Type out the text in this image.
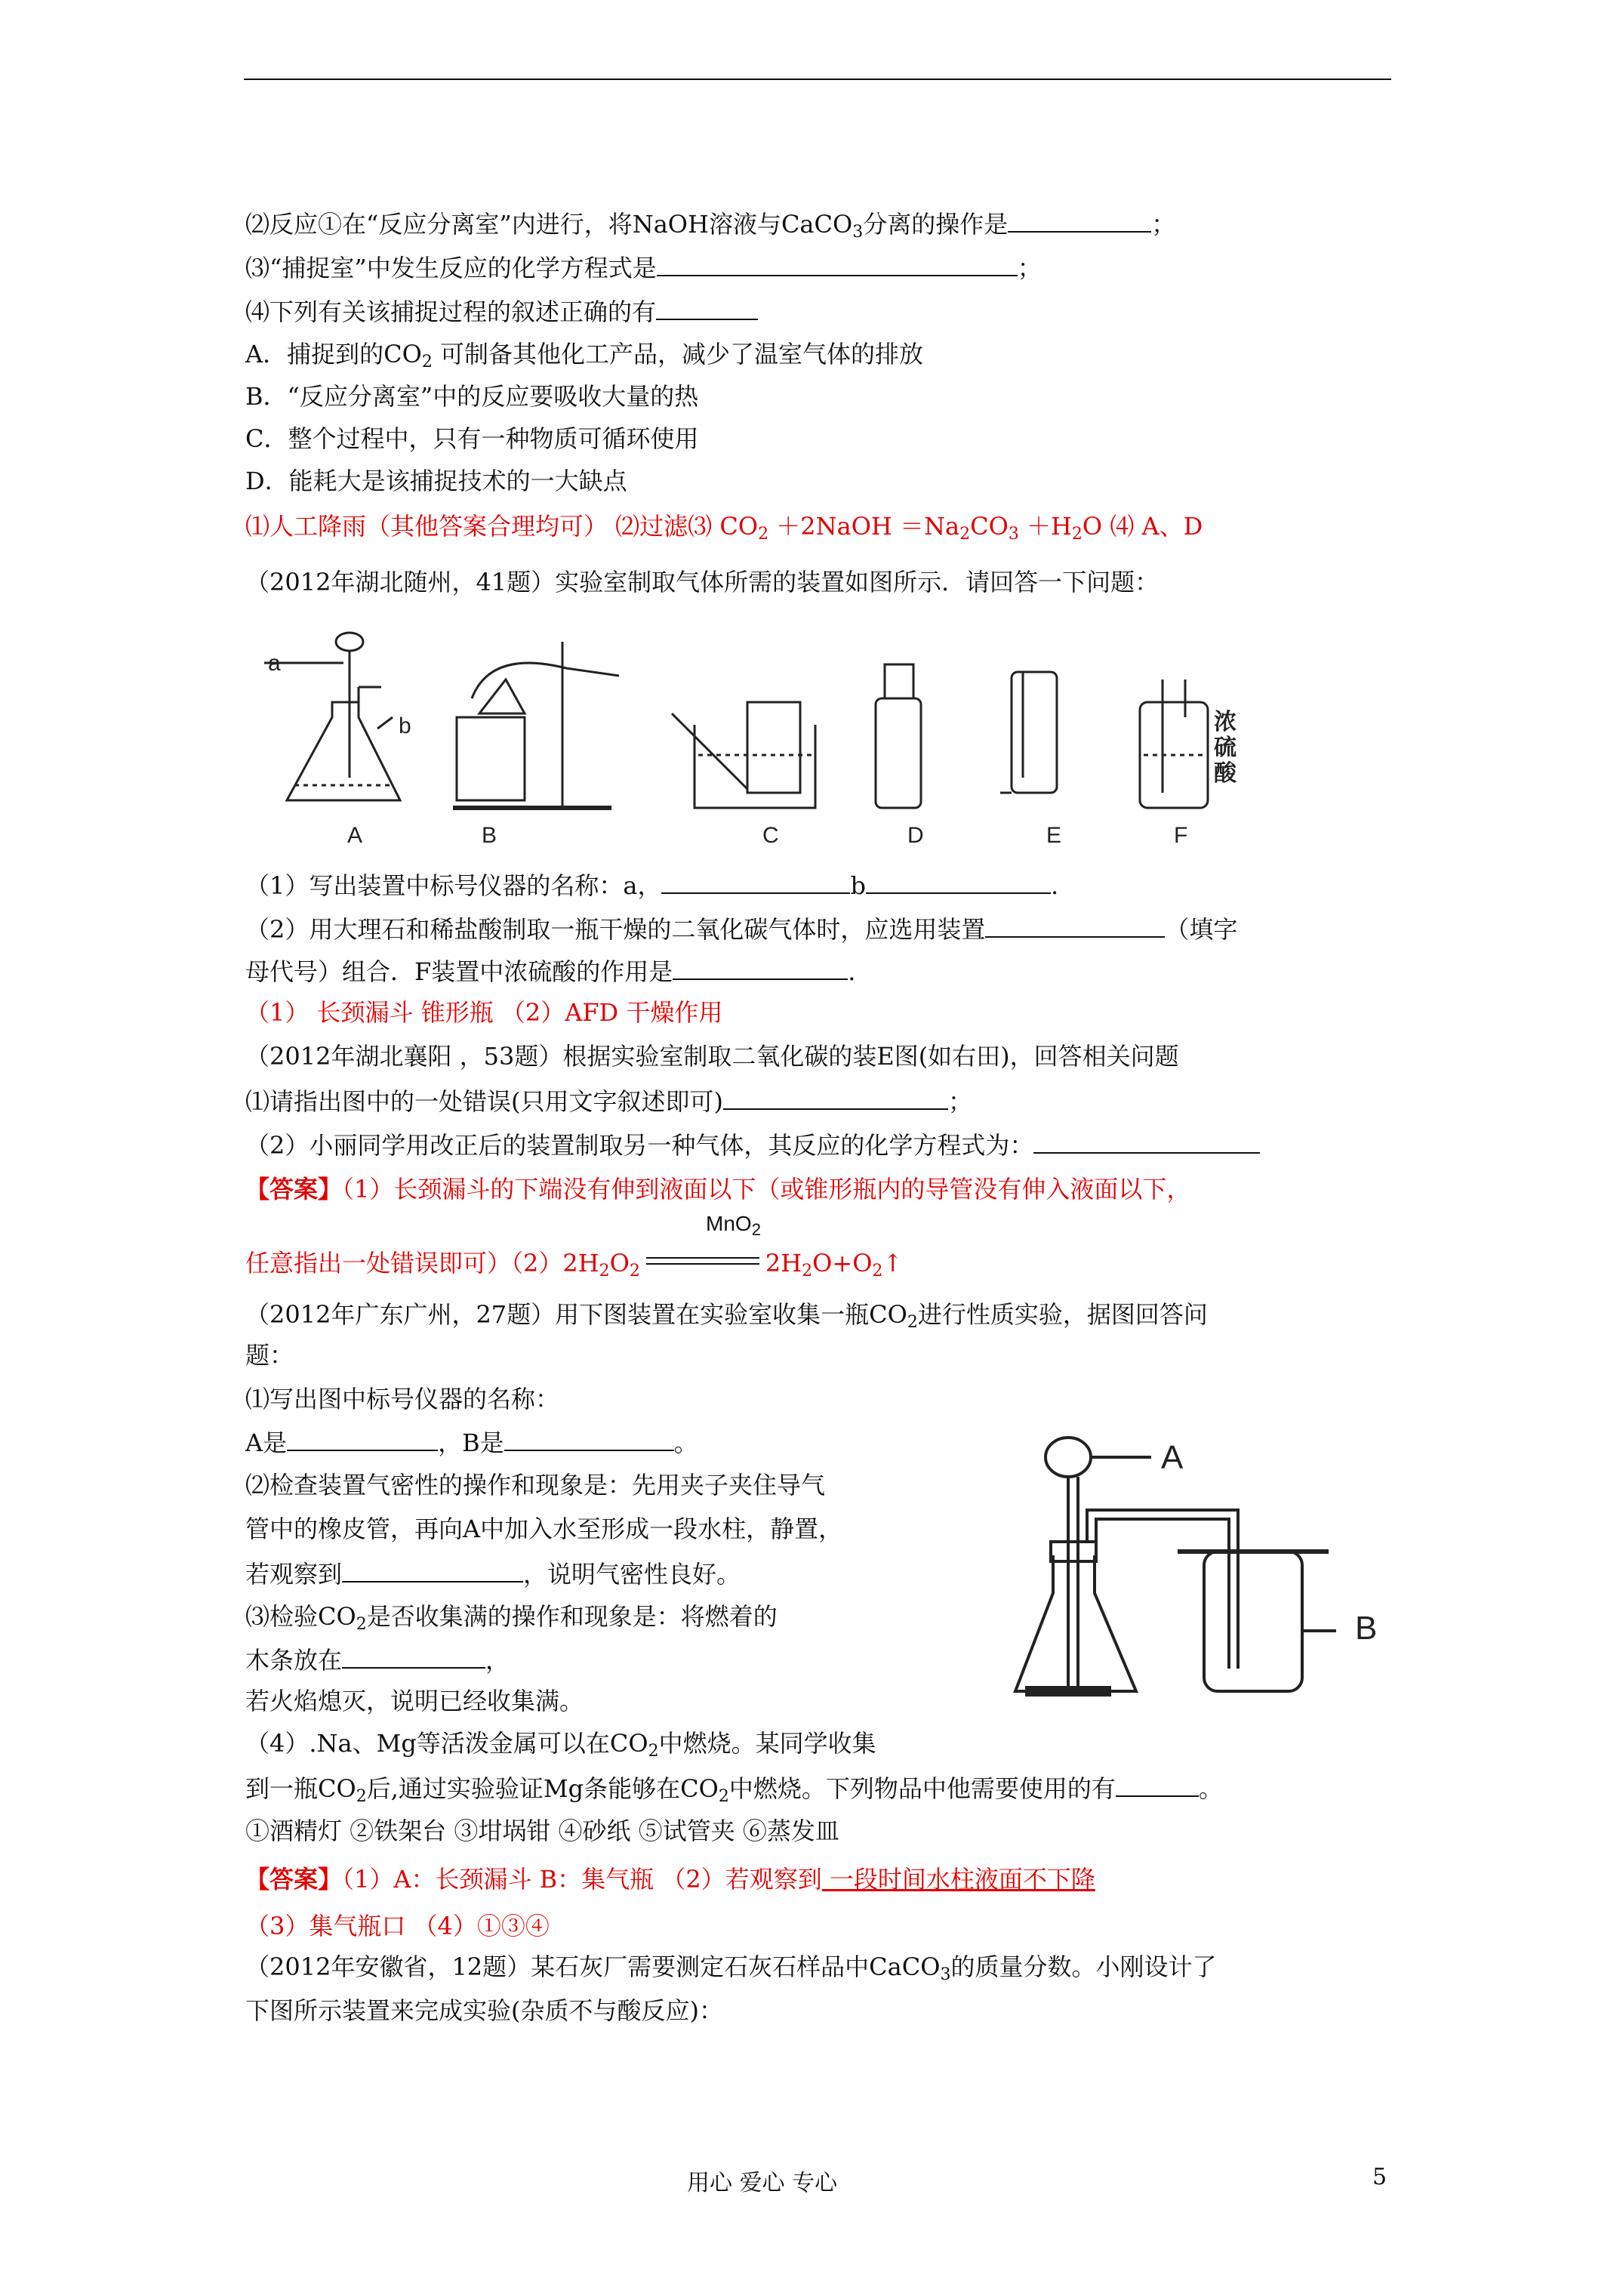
⑵反应①在“反应分离室”内进行，将NaOH溶液与CaCO$_3$分离的操作是	；
⑶“捕捉室”中发生反应的化学方程式是	；
⑷下列有关该捕捉过程的叙述正确的有
A．捕捉到的$CO_2$ 可制备其他化工产品，减少了温室气体的排放
B．“反应分离室”中的反应要吸收大量的热
C．整个过程中，只有一种物质可循环使用
D．能耗大是该捕捉技术的一大缺点
⑴人工降雨（其他答案合理均可） ⑵过滤⑶ $CO_2$ ＋2NaOH $=Na_2CO_3 +H_2O$ ⑷ A、D
（2012年湖北随州，41题）实验室制取气体所需的装置如图所示．请回答一下问题：
a
b	浓
硫
酸
A	B	C	D	E	F
（1）写出装置中标号仪器的名称：a，	b	.
（2）用大理石和稀盐酸制取一瓶干燥的二氧化碳气体时，应选用装置	（填字
母代号）组合．F装置中浓硫酸的作用是	.
（1） 长颈漏斗 锥形瓶 （2）AFD 干燥作用
（2012年湖北襄阳 ，53题）根据实验室制取二氧化碳的装E图(如右田)，回答相关问题
⑴请指出图中的一处错误(只用文字叙述即可)	；
（2）小丽同学用改正后的装置制取另一种气体，其反应的化学方程式为：
【答案】（1）长颈漏斗的下端没有伸到液面以下（或锥形瓶内的导管没有伸入液面以下，
MnO$_2$
任意指出一处错误即可）$(2)2H_2O_2$	$2H_2O+O_2↑$
（2012年广东广州，27题）用下图装置在实验室收集一瓶$CO_2$进行性质实验，据图回答问
题：
⑴写出图中标号仪器的名称：
A是	，B是	。
⑵检查装置气密性的操作和现象是：先用夹子夹住导气
管中的橡皮管，再向A中加入水至形成一段水柱，静置，
若观察到	，说明气密性良好。
⑶检验$CO_2$是否收集满的操作和现象是：将燃着的
木条放在	，
若火焰熄灭，说明已经收集满。
（4）.Na、Mg等活泼金属可以在$CO_2$中燃烧。某同学收集
到一瓶$CO_2$后,通过实验验证Mg条能够在$CO_2$中燃烧。下列物品中他需要使用的有	。
①酒精灯 ②铁架台 ③坩埚钳 ④砂纸 ⑤试管夹 ⑥蒸发皿
A
B
【答案】（1）A：长颈漏斗 B：集气瓶 （2）若观察到 一段时间水柱液面不下降
（3）集气瓶口 （4）①③④
（2012年安徽省，12题）某石灰厂需要测定石灰石样品中CaCO$_3$的质量分数。小刚设计了
下图所示装置来完成实验(杂质不与酸反应)：
用心 爱心 专心	5
